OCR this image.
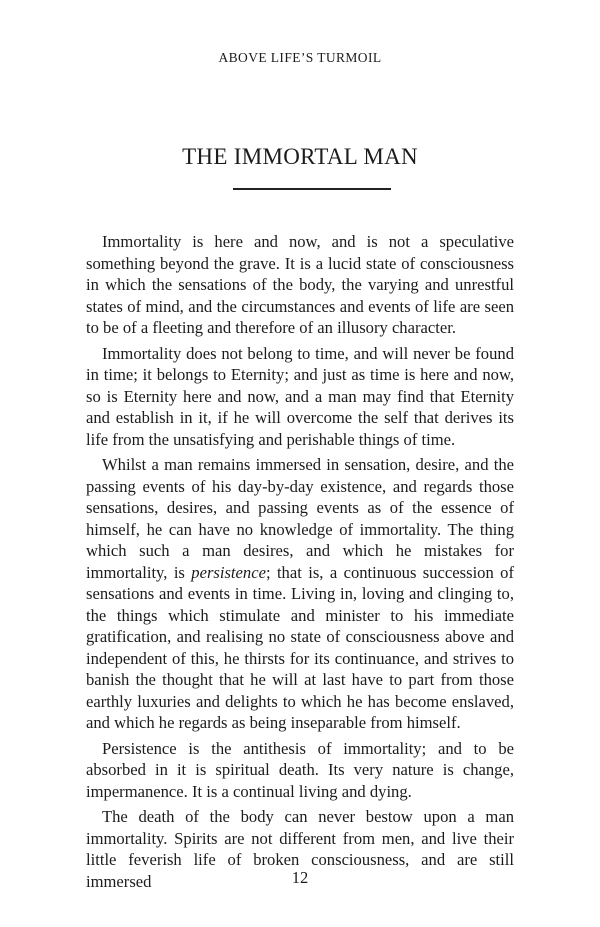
ABOVE LIFE’S TURMOIL
THE IMMORTAL MAN

Immortality is here and now, and is not a speculative something beyond the grave. It is a lucid state of consciousness in which the sensations of the body, the varying and unrestful states of mind, and the circumstances and events of life are seen to be of a fleeting and therefore of an illusory character.

Immortality does not belong to time, and will never be found in time; it belongs to Eternity; and just as time is here and now, so is Eternity here and now, and a man may find that Eternity and establish in it, if he will overcome the self that derives its life from the unsatisfying and perishable things of time.

Whilst a man remains immersed in sensation, desire, and the passing events of his day-by-day existence, and regards those sensations, desires, and passing events as of the essence of himself, he can have no knowledge of immortality. The thing which such a man desires, and which he mistakes for immortality, is persistence; that is, a continuous succession of sensations and events in time. Living in, loving and clinging to, the things which stimulate and minister to his immediate gratification, and realising no state of consciousness above and independent of this, he thirsts for its continuance, and strives to banish the thought that he will at last have to part from those earthly luxuries and delights to which he has become enslaved, and which he regards as being inseparable from himself.

Persistence is the antithesis of immortality; and to be absorbed in it is spiritual death. Its very nature is change, impermanence. It is a continual living and dying.

The death of the body can never bestow upon a man immortality. Spirits are not different from men, and live their little feverish life of broken consciousness, and are still immersed	12
